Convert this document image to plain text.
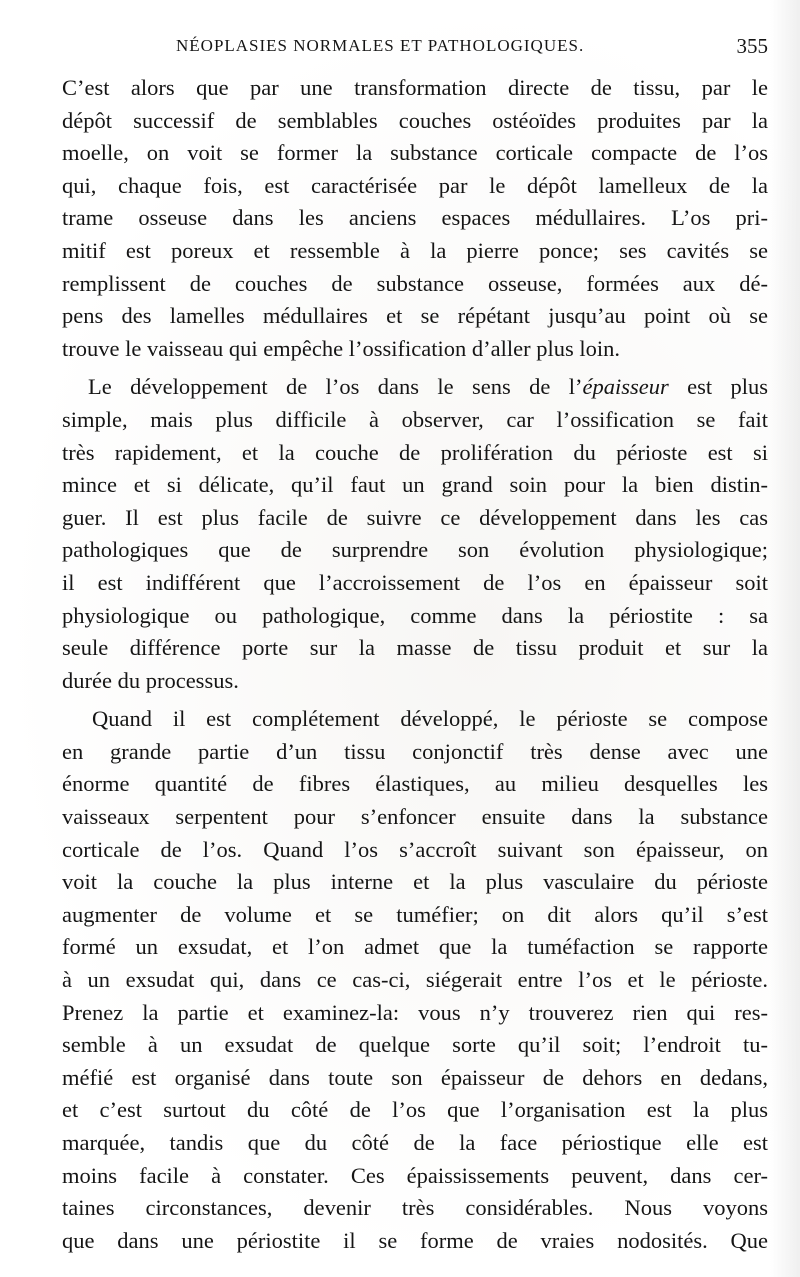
NÉOPLASIES NORMALES ET PATHOLOGIQUES.	355
C’est alors que par une transformation directe de tissu, par le
dépôt successif de semblables couches ostéoïdes produites par la
moelle, on voit se former la substance corticale compacte de l’os
qui, chaque fois, est caractérisée par le dépôt lamelleux de la
trame osseuse dans les anciens espaces médullaires. L’os pri-
mitif est poreux et ressemble à la pierre ponce; ses cavités se
remplissent de couches de substance osseuse, formées aux dé-
pens des lamelles médullaires et se répétant jusqu’au point où se
trouve le vaisseau qui empêche l’ossification d’aller plus loin.
Le développement de l’os dans le sens de l’épaisseur est plus
simple, mais plus difficile à observer, car l’ossification se fait
très rapidement, et la couche de prolifération du périoste est si
mince et si délicate, qu’il faut un grand soin pour la bien distin-
guer. Il est plus facile de suivre ce développement dans les cas
pathologiques que de surprendre son évolution physiologique;
il est indifférent que l’accroissement de l’os en épaisseur soit
physiologique ou pathologique, comme dans la périostite : sa
seule différence porte sur la masse de tissu produit et sur la
durée du processus.
Quand il est complétement développé, le périoste se compose
en grande partie d’un tissu conjonctif très dense avec une
énorme quantité de fibres élastiques, au milieu desquelles les
vaisseaux serpentent pour s’enfoncer ensuite dans la substance
corticale de l’os. Quand l’os s’accroît suivant son épaisseur, on
voit la couche la plus interne et la plus vasculaire du périoste
augmenter de volume et se tuméfier; on dit alors qu’il s’est
formé un exsudat, et l’on admet que la tuméfaction se rapporte
à un exsudat qui, dans ce cas-ci, siégerait entre l’os et le périoste.
Prenez la partie et examinez-la: vous n’y trouverez rien qui res-
semble à un exsudat de quelque sorte qu’il soit; l’endroit tu-
méfié est organisé dans toute son épaisseur de dehors en dedans,
et c’est surtout du côté de l’os que l’organisation est la plus
marquée, tandis que du côté de la face périostique elle est
moins facile à constater. Ces épaississements peuvent, dans cer-
taines circonstances, devenir très considérables. Nous voyons
que dans une périostite il se forme de vraies nodosités. Que
